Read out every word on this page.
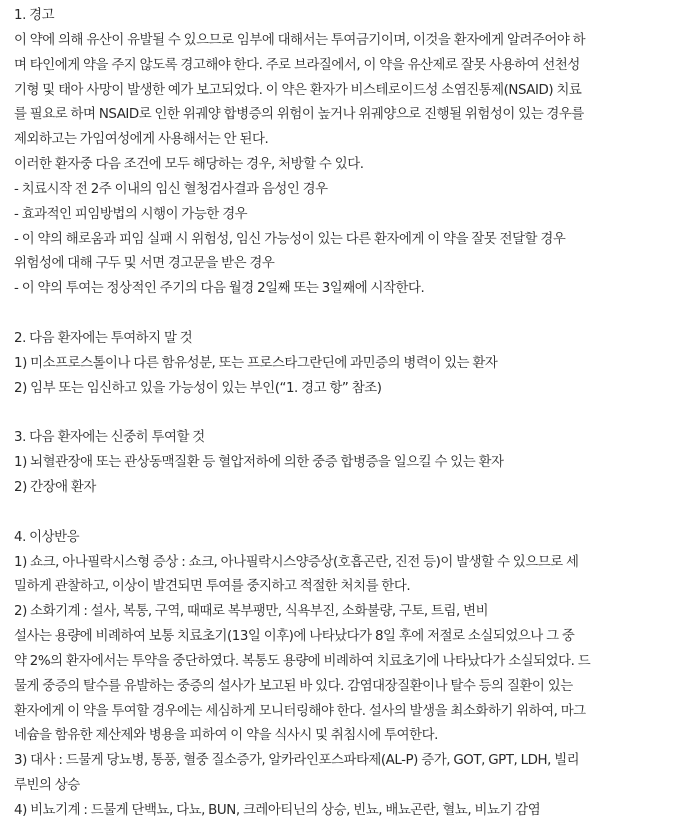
1. 경고
이 약에 의해 유산이 유발될 수 있으므로 임부에 대해서는 투여금기이며, 이것을 환자에게 알려주어야 하
며 타인에게 약을 주지 않도록 경고해야 한다. 주로 브라질에서, 이 약을 유산제로 잘못 사용하여 선천성
기형 및 태아 사망이 발생한 예가 보고되었다. 이 약은 환자가 비스테로이드성 소염진통제(NSAID) 치료
를 필요로 하며 NSAID로 인한 위궤양 합병증의 위험이 높거나 위궤양으로 진행될 위험성이 있는 경우를
제외하고는 가임여성에게 사용해서는 안 된다.
이러한 환자중 다음 조건에 모두 해당하는 경우, 처방할 수 있다.
- 치료시작 전 2주 이내의 임신 혈청검사결과 음성인 경우
- 효과적인 피임방법의 시행이 가능한 경우
- 이 약의 해로움과 피임 실패 시 위험성, 임신 가능성이 있는 다른 환자에게 이 약을 잘못 전달할 경우
위험성에 대해 구두 및 서면 경고문을 받은 경우
- 이 약의 투여는 정상적인 주기의 다음 월경 2일째 또는 3일째에 시작한다.
2. 다음 환자에는 투여하지 말 것
1) 미소프로스톨이나 다른 함유성분, 또는 프로스타그란딘에 과민증의 병력이 있는 환자
2) 임부 또는 임신하고 있을 가능성이 있는 부인(“1. 경고 항” 참조)
3. 다음 환자에는 신중히 투여할 것
1) 뇌혈관장애 또는 관상동맥질환 등 혈압저하에 의한 중증 합병증을 일으킬 수 있는 환자
2) 간장애 환자
4. 이상반응
1) 쇼크, 아나필락시스형 증상 : 쇼크, 아나필락시스양증상(호흡곤란, 진전 등)이 발생할 수 있으므로 세
밀하게 관찰하고, 이상이 발견되면 투여를 중지하고 적절한 처치를 한다.
2) 소화기계 : 설사, 복통, 구역, 때때로 복부팽만, 식욕부진, 소화불량, 구토, 트림, 변비
설사는 용량에 비례하여 보통 치료초기(13일 이후)에 나타났다가 8일 후에 저절로 소실되었으나 그 중
약 2%의 환자에서는 투약을 중단하였다. 복통도 용량에 비례하여 치료초기에 나타났다가 소실되었다. 드
물게 중증의 탈수를 유발하는 중증의 설사가 보고된 바 있다. 감염대장질환이나 탈수 등의 질환이 있는
환자에게 이 약을 투여할 경우에는 세심하게 모니터링해야 한다. 설사의 발생을 최소화하기 위하여, 마그
네슘을 함유한 제산제와 병용을 피하여 이 약을 식사시 및 취침시에 투여한다.
3) 대사 : 드물게 당뇨병, 통풍, 혈중 질소증가, 알카라인포스파타제(AL-P) 증가, GOT, GPT, LDH, 빌리
루빈의 상승
4) 비뇨기계 : 드물게 단백뇨, 다뇨, BUN, 크레아티닌의 상승, 빈뇨, 배뇨곤란, 혈뇨, 비뇨기 감염
